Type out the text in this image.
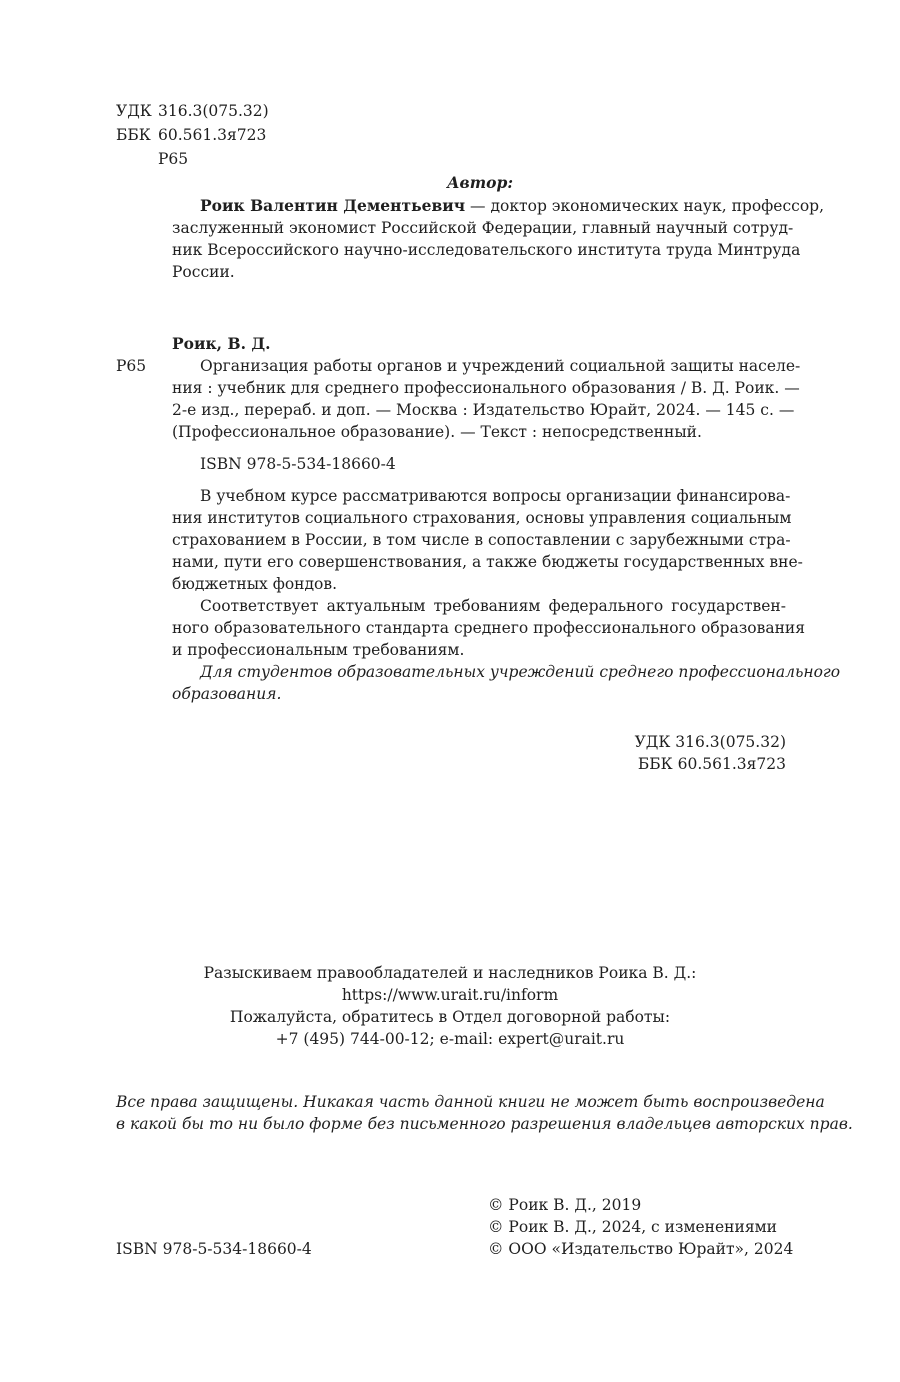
УДК 316.3(075.32)
ББК 60.561.3я723
Р65
Автор:
Роик Валентин Дементьевич — доктор экономических наук, профессор,
заслуженный экономист Российской Федерации, главный научный сотруд-
ник Всероссийского научно-исследовательского института труда Минтруда
России.
Роик, В. Д.
Р65	Организация работы органов и учреждений социальной защиты населе-
ния : учебник для среднего профессионального образования / В. Д. Роик. —
2-е изд., перераб. и доп. — Москва : Издательство Юрайт, 2024. — 145 с. —
(Профессиональное образование). — Текст : непосредственный.
ISBN 978-5-534-18660-4
В учебном курсе рассматриваются вопросы организации финансирова-
ния институтов социального страхования, основы управления социальным
страхованием в России, в том числе в сопоставлении с зарубежными стра-
нами, пути его совершенствования, а также бюджеты государственных вне-
бюджетных фондов.
Соответствует актуальным требованиям федерального государствен-
ного образовательного стандарта среднего профессионального образования
и профессиональным требованиям.
Для студентов образовательных учреждений среднего профессионального
образования.
УДК 316.3(075.32)
ББК 60.561.3я723
Разыскиваем правообладателей и наследников Роика В. Д.:
https://www.urait.ru/inform
Пожалуйста, обратитесь в Отдел договорной работы:
+7 (495) 744-00-12; e-mail: expert@urait.ru
Все права защищены. Никакая часть данной книги не может быть воспроизведена
в какой бы то ни было форме без письменного разрешения владельцев авторских прав.
ISBN 978-5-534-18660-4
© Роик В. Д., 2019
© Роик В. Д., 2024, с изменениями
© ООО «Издательство Юрайт», 2024
